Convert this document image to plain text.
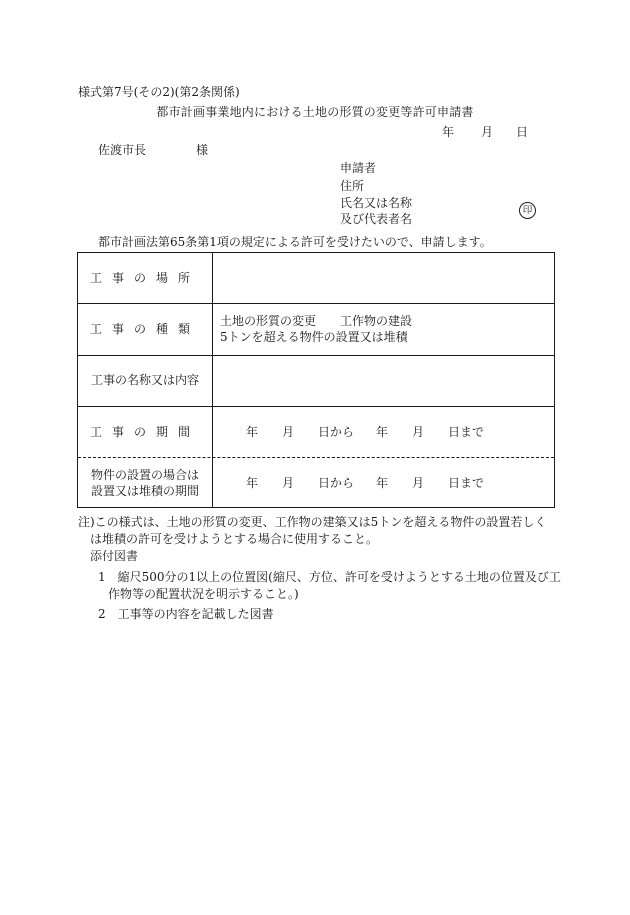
様式第7号(その2)(第2条関係)
都市計画事業地内における土地の形質の変更等許可申請書
年 月 日
佐渡市長	様
申請者
住所
氏名又は名称
及び代表者名
印
都市計画法第65条第1項の規定による許可を受けたいので、申請します。
工事の場所
工事の種類
土地の形質の変更　　工作物の建設
5トンを超える物件の設置又は堆積
工事の名称又は内容
工事の期間	年 月 日から 年 月 日まで
物件の設置の場合は
設置又は堆積の期間
年 月 日から 年 月 日まで
注)この様式は、土地の形質の変更、工作物の建築又は5トンを超える物件の設置若しく
は堆積の許可を受けようとする場合に使用すること。
添付図書
1　縮尺500分の1以上の位置図(縮尺、方位、許可を受けようとする土地の位置及び工
作物等の配置状況を明示すること。)
2　工事等の内容を記載した図書
